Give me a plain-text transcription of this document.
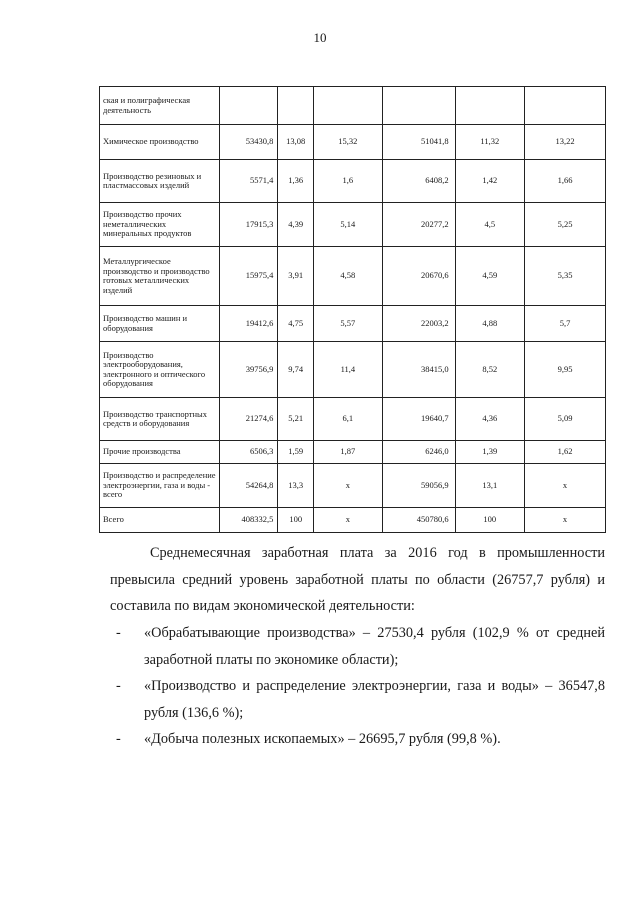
10
ская и полиграфическая деятельность						
Химическое производство	53430,8	13,08	15,32	51041,8	11,32	13,22
Производство резиновых и пластмассовых изделий	5571,4	1,36	1,6	6408,2	1,42	1,66
Производство прочих неметаллических минеральных продуктов	17915,3	4,39	5,14	20277,2	4,5	5,25
Металлургическое производство и производство готовых металлических изделий	15975,4	3,91	4,58	20670,6	4,59	5,35
Производство машин и оборудования	19412,6	4,75	5,57	22003,2	4,88	5,7
Производство электрооборудования, электронного и оптического оборудования	39756,9	9,74	11,4	38415,0	8,52	9,95
Производство транспортных средств и оборудования	21274,6	5,21	6,1	19640,7	4,36	5,09
Прочие производства	6506,3	1,59	1,87	6246,0	1,39	1,62
Производство и распределение электроэнергии, газа и воды - всего	54264,8	13,3	x	59056,9	13,1	x
Всего	408332,5	100	x	450780,6	100	x

Среднемесячная заработная плата за 2016 год в промышленности превысила средний уровень заработной платы по области (26757,7 рубля) и составила по видам экономической деятельности:

- «Обрабатывающие производства» – 27530,4 рубля (102,9 % от средней заработной платы по экономике области);
- «Производство и распределение электроэнергии, газа и воды» – 36547,8 рубля (136,6 %);
- «Добыча полезных ископаемых» – 26695,7 рубля (99,8 %).
